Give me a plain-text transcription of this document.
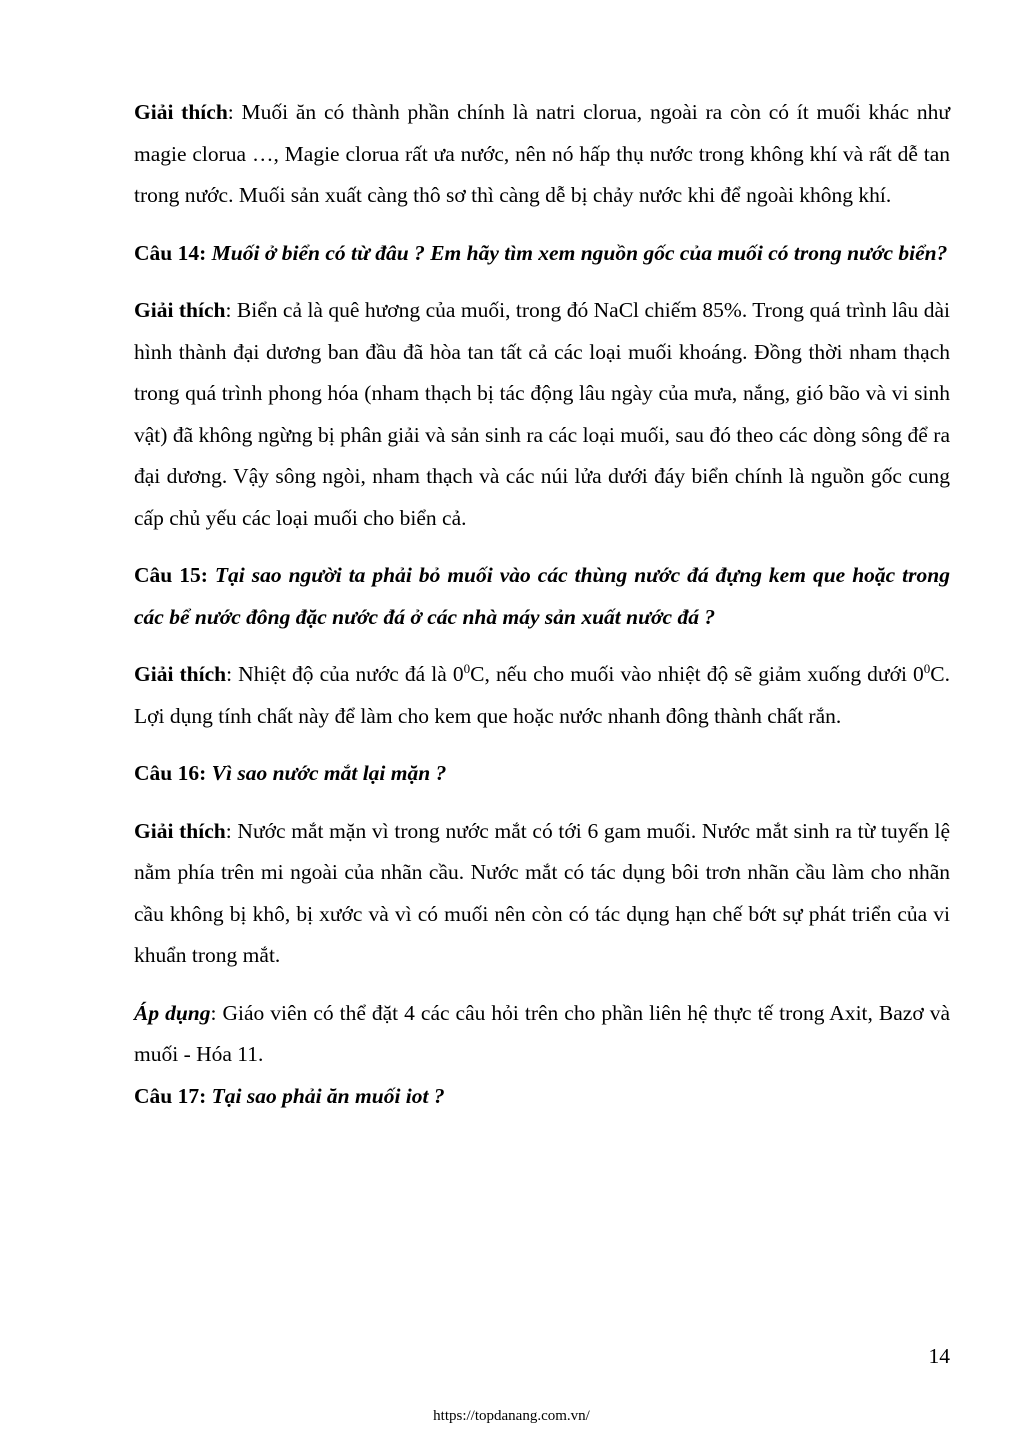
Giải thích: Muối ăn có thành phần chính là natri clorua, ngoài ra còn có ít muối khác như magie clorua …, Magie clorua rất ưa nước, nên nó hấp thụ nước trong không khí và rất dễ tan trong nước. Muối sản xuất càng thô sơ thì càng dễ bị chảy nước khi để ngoài không khí.

Câu 14: Muối ở biển có từ đâu ? Em hãy tìm xem nguồn gốc của muối có trong nước biển?

Giải thích: Biển cả là quê hương của muối, trong đó NaCl chiếm 85%. Trong quá trình lâu dài hình thành đại dương ban đầu đã hòa tan tất cả các loại muối khoáng. Đồng thời nham thạch trong quá trình phong hóa (nham thạch bị tác động lâu ngày của mưa, nắng, gió bão và vi sinh vật) đã không ngừng bị phân giải và sản sinh ra các loại muối, sau đó theo các dòng sông để ra đại dương. Vậy sông ngòi, nham thạch và các núi lửa dưới đáy biển chính là nguồn gốc cung cấp chủ yếu các loại muối cho biển cả.

Câu 15: Tại sao người ta phải bỏ muối vào các thùng nước đá đựng kem que hoặc trong các bể nước đông đặc nước đá ở các nhà máy sản xuất nước đá ?

Giải thích: Nhiệt độ của nước đá là $0^0C$, nếu cho muối vào nhiệt độ sẽ giảm xuống dưới $0^0C$. Lợi dụng tính chất này để làm cho kem que hoặc nước nhanh đông thành chất rắn.

Câu 16: Vì sao nước mắt lại mặn ?

Giải thích: Nước mắt mặn vì trong nước mắt có tới 6 gam muối. Nước mắt sinh ra từ tuyến lệ nằm phía trên mi ngoài của nhãn cầu. Nước mắt có tác dụng bôi trơn nhãn cầu làm cho nhãn cầu không bị khô, bị xước và vì có muối nên còn có tác dụng hạn chế bớt sự phát triển của vi khuẩn trong mắt.

Áp dụng: Giáo viên có thể đặt 4 các câu hỏi trên cho phần liên hệ thực tế trong Axit, Bazơ và muối - Hóa 11.

Câu 17: Tại sao phải ăn muối iot ?

14
https://topdanang.com.vn/
